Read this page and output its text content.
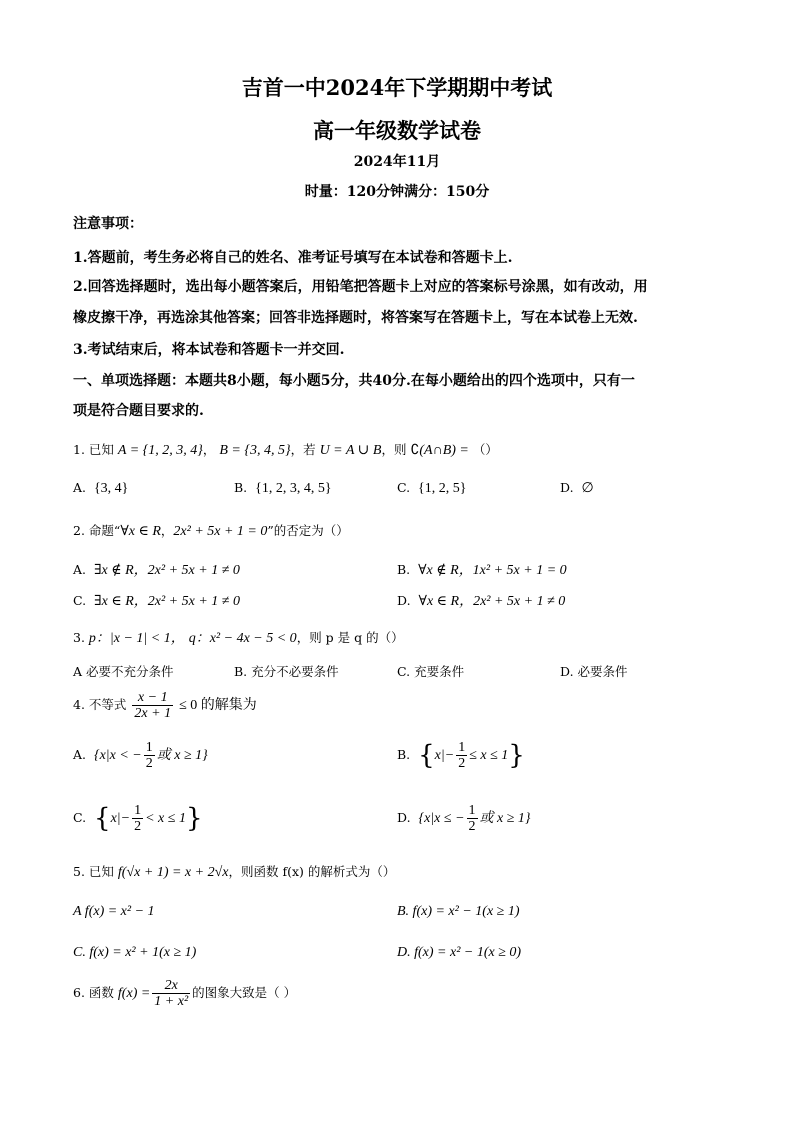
吉首一中2024年下学期期中考试
高一年级数学试卷
2024年11月
时量：120分钟满分：150分
注意事项：
1.答题前，考生务必将自己的姓名、准考证号填写在本试卷和答题卡上.
2.回答选择题时，选出每小题答案后，用铅笔把答题卡上对应的答案标号涂黑，如有改动，用
橡皮擦干净，再选涂其他答案；回答非选择题时，将答案写在答题卡上，写在本试卷上无效.
3.考试结束后，将本试卷和答题卡一并交回.
一、单项选择题：本题共8小题，每小题5分，共40分.在每小题给出的四个选项中，只有一
项是符合题目要求的.
1. 已知 A = {1, 2, 3, 4}， B = {3, 4, 5}，若 U = A ∪ B，则 ∁(A∩B) = （）
A.  {3, 4}	B.  {1, 2, 3, 4, 5}	C.  {1, 2, 5}	D.  ∅
2. 命题“∀x ∈ R，2x² + 5x + 1 = 0”的否定为（）
A.  ∃x ∉ R，2x² + 5x + 1 ≠ 0	B.  ∀x ∉ R，1x² + 5x + 1 = 0
C.  ∃x ∈ R，2x² + 5x + 1 ≠ 0	D.  ∀x ∈ R，2x² + 5x + 1 ≠ 0
3. p：|x − 1| < 1， q：x² − 4x − 5 < 0，则 p 是 q 的（）
A 必要不充分条件	B. 充分不必要条件	C. 充要条件	D. 必要条件
4. 不等式 $\frac{x - 1}{2x + 1} \le 0$ 的解集为
A. {x|x < − $\frac{1}{2}$ 或 x ≥ 1}	B. $\{x|- \frac{1}{2} \le x \le 1\}$
C. $\{x|- \frac{1}{2} < x \le 1\}$	D. {x|x ≤ − $\frac{1}{2}$ 或 x ≥ 1}
5. 已知 f(√x + 1) = x + 2√x，则函数 f(x) 的解析式为（）
A f(x) = x² − 1	B. f(x) = x² − 1(x ≥ 1)
C. f(x) = x² + 1(x ≥ 1)	D. f(x) = x² − 1(x ≥ 0)
6. 函数 $f(x) = \frac{2x}{\text{1 + x²}}$ 的图象大致是（ ）
